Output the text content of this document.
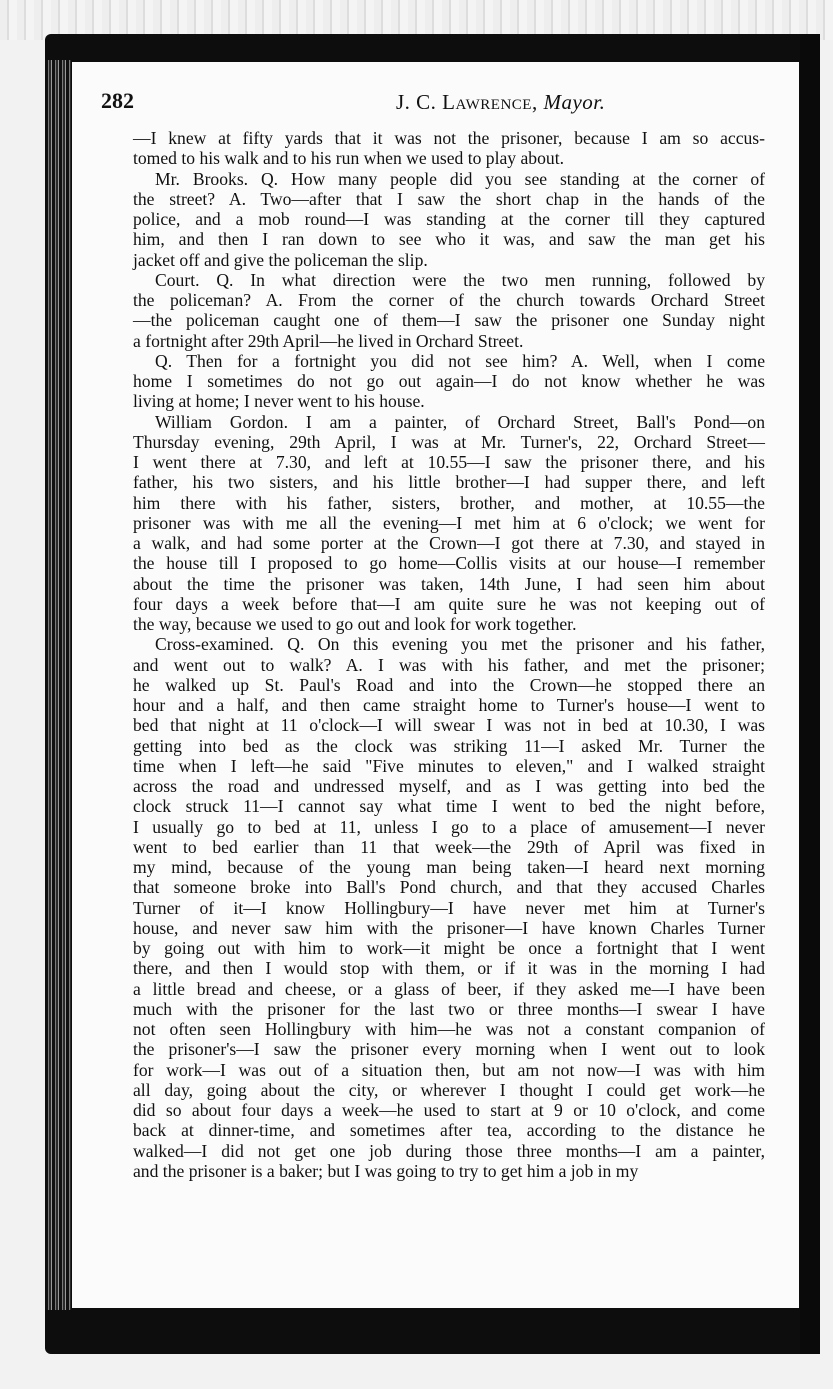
282	J. C. Lawrence, Mayor.
—I knew at fifty yards that it was not the prisoner, because I am so accus-
tomed to his walk and to his run when we used to play about.
Mr. Brooks. Q. How many people did you see standing at the corner of
the street? A. Two—after that I saw the short chap in the hands of the
police, and a mob round—I was standing at the corner till they captured
him, and then I ran down to see who it was, and saw the man get his
jacket off and give the policeman the slip.
Court. Q. In what direction were the two men running, followed by
the policeman? A. From the corner of the church towards Orchard Street
—the policeman caught one of them—I saw the prisoner one Sunday night
a fortnight after 29th April—he lived in Orchard Street.
Q. Then for a fortnight you did not see him? A. Well, when I come
home I sometimes do not go out again—I do not know whether he was
living at home; I never went to his house.
William Gordon. I am a painter, of Orchard Street, Ball's Pond—on
Thursday evening, 29th April, I was at Mr. Turner's, 22, Orchard Street—
I went there at 7.30, and left at 10.55—I saw the prisoner there, and his
father, his two sisters, and his little brother—I had supper there, and left
him there with his father, sisters, brother, and mother, at 10.55—the
prisoner was with me all the evening—I met him at 6 o'clock; we went for
a walk, and had some porter at the Crown—I got there at 7.30, and stayed in
the house till I proposed to go home—Collis visits at our house—I remember
about the time the prisoner was taken, 14th June, I had seen him about
four days a week before that—I am quite sure he was not keeping out of
the way, because we used to go out and look for work together.
Cross-examined. Q. On this evening you met the prisoner and his father,
and went out to walk? A. I was with his father, and met the prisoner;
he walked up St. Paul's Road and into the Crown—he stopped there an
hour and a half, and then came straight home to Turner's house—I went to
bed that night at 11 o'clock—I will swear I was not in bed at 10.30, I was
getting into bed as the clock was striking 11—I asked Mr. Turner the
time when I left—he said "Five minutes to eleven," and I walked straight
across the road and undressed myself, and as I was getting into bed the
clock struck 11—I cannot say what time I went to bed the night before,
I usually go to bed at 11, unless I go to a place of amusement—I never
went to bed earlier than 11 that week—the 29th of April was fixed in
my mind, because of the young man being taken—I heard next morning
that someone broke into Ball's Pond church, and that they accused Charles
Turner of it—I know Hollingbury—I have never met him at Turner's
house, and never saw him with the prisoner—I have known Charles Turner
by going out with him to work—it might be once a fortnight that I went
there, and then I would stop with them, or if it was in the morning I had
a little bread and cheese, or a glass of beer, if they asked me—I have been
much with the prisoner for the last two or three months—I swear I have
not often seen Hollingbury with him—he was not a constant companion of
the prisoner's—I saw the prisoner every morning when I went out to look
for work—I was out of a situation then, but am not now—I was with him
all day, going about the city, or wherever I thought I could get work—he
did so about four days a week—he used to start at 9 or 10 o'clock, and come
back at dinner-time, and sometimes after tea, according to the distance he
walked—I did not get one job during those three months—I am a painter,
and the prisoner is a baker; but I was going to try to get him a job in my
